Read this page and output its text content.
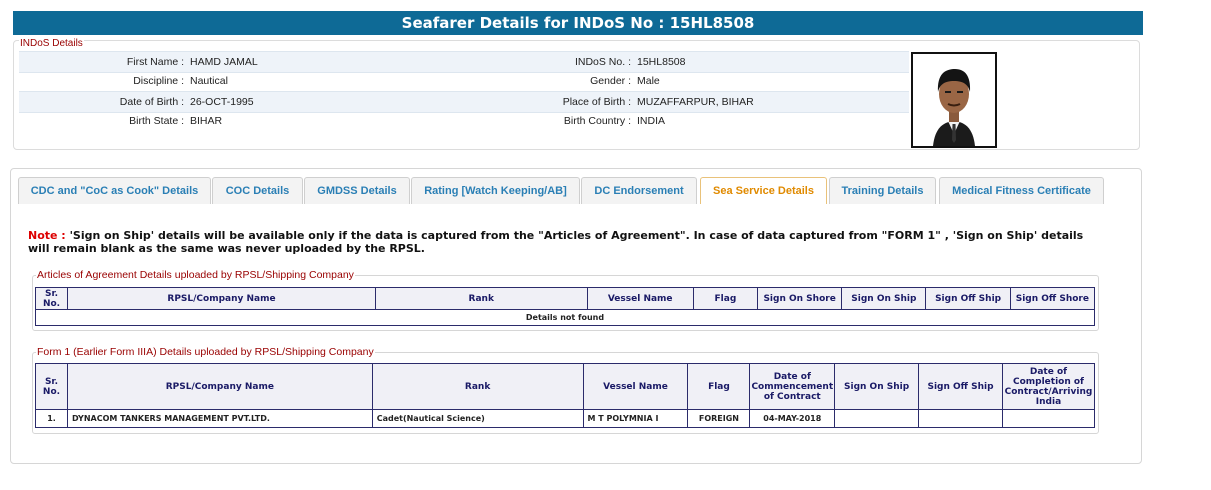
Seafarer Details for INDoS No : 15HL8508
INDoS Details
First Name : HAMD JAMAL	INDoS No. : 15HL8508
Discipline : Nautical	Gender : Male
Date of Birth : 26-OCT-1995	Place of Birth : MUZAFFARPUR, BIHAR
Birth State : BIHAR	Birth Country : INDIA
CDC and "CoC as Cook" Details	COC Details	GMDSS Details	Rating [Watch Keeping/AB]	DC Endorsement	Sea Service Details	Training Details	Medical Fitness Certificate
Note : 'Sign on Ship' details will be available only if the data is captured from the "Articles of Agreement". In case of data captured from "FORM 1" , 'Sign on Ship' details will remain blank as the same was never uploaded by the RPSL.
Articles of Agreement Details uploaded by RPSL/Shipping Company
Sr. No.	RPSL/Company Name	Rank	Vessel Name	Flag	Sign On Shore	Sign On Ship	Sign Off Ship	Sign Off Shore
Details not found
Form 1 (Earlier Form IIIA) Details uploaded by RPSL/Shipping Company
Sr. No.	RPSL/Company Name	Rank	Vessel Name	Flag	Date of Commencement of Contract	Sign On Ship	Sign Off Ship	Date of Completion of Contract/Arriving India
1.	DYNACOM TANKERS MANAGEMENT PVT.LTD.	Cadet(Nautical Science)	M T POLYMNIA I	FOREIGN	04-MAY-2018			
